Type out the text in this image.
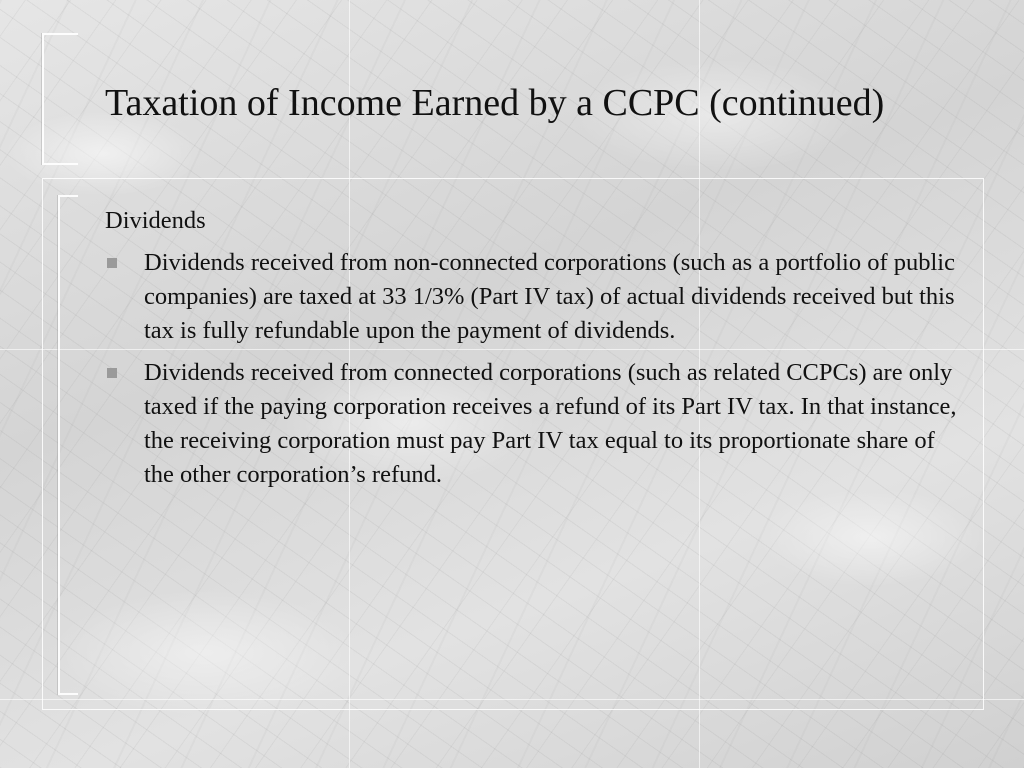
Taxation of Income Earned by a CCPC (continued)

Dividends

Dividends received from non-connected corporations (such as a portfolio of public companies) are taxed at 33 1/3% (Part IV tax) of actual dividends received but this tax is fully refundable upon the payment of dividends.
Dividends received from connected corporations (such as related CCPCs) are only taxed if the paying corporation receives a refund of its Part IV tax. In that instance, the receiving corporation must pay Part IV tax equal to its proportionate share of the other corporation’s refund.
